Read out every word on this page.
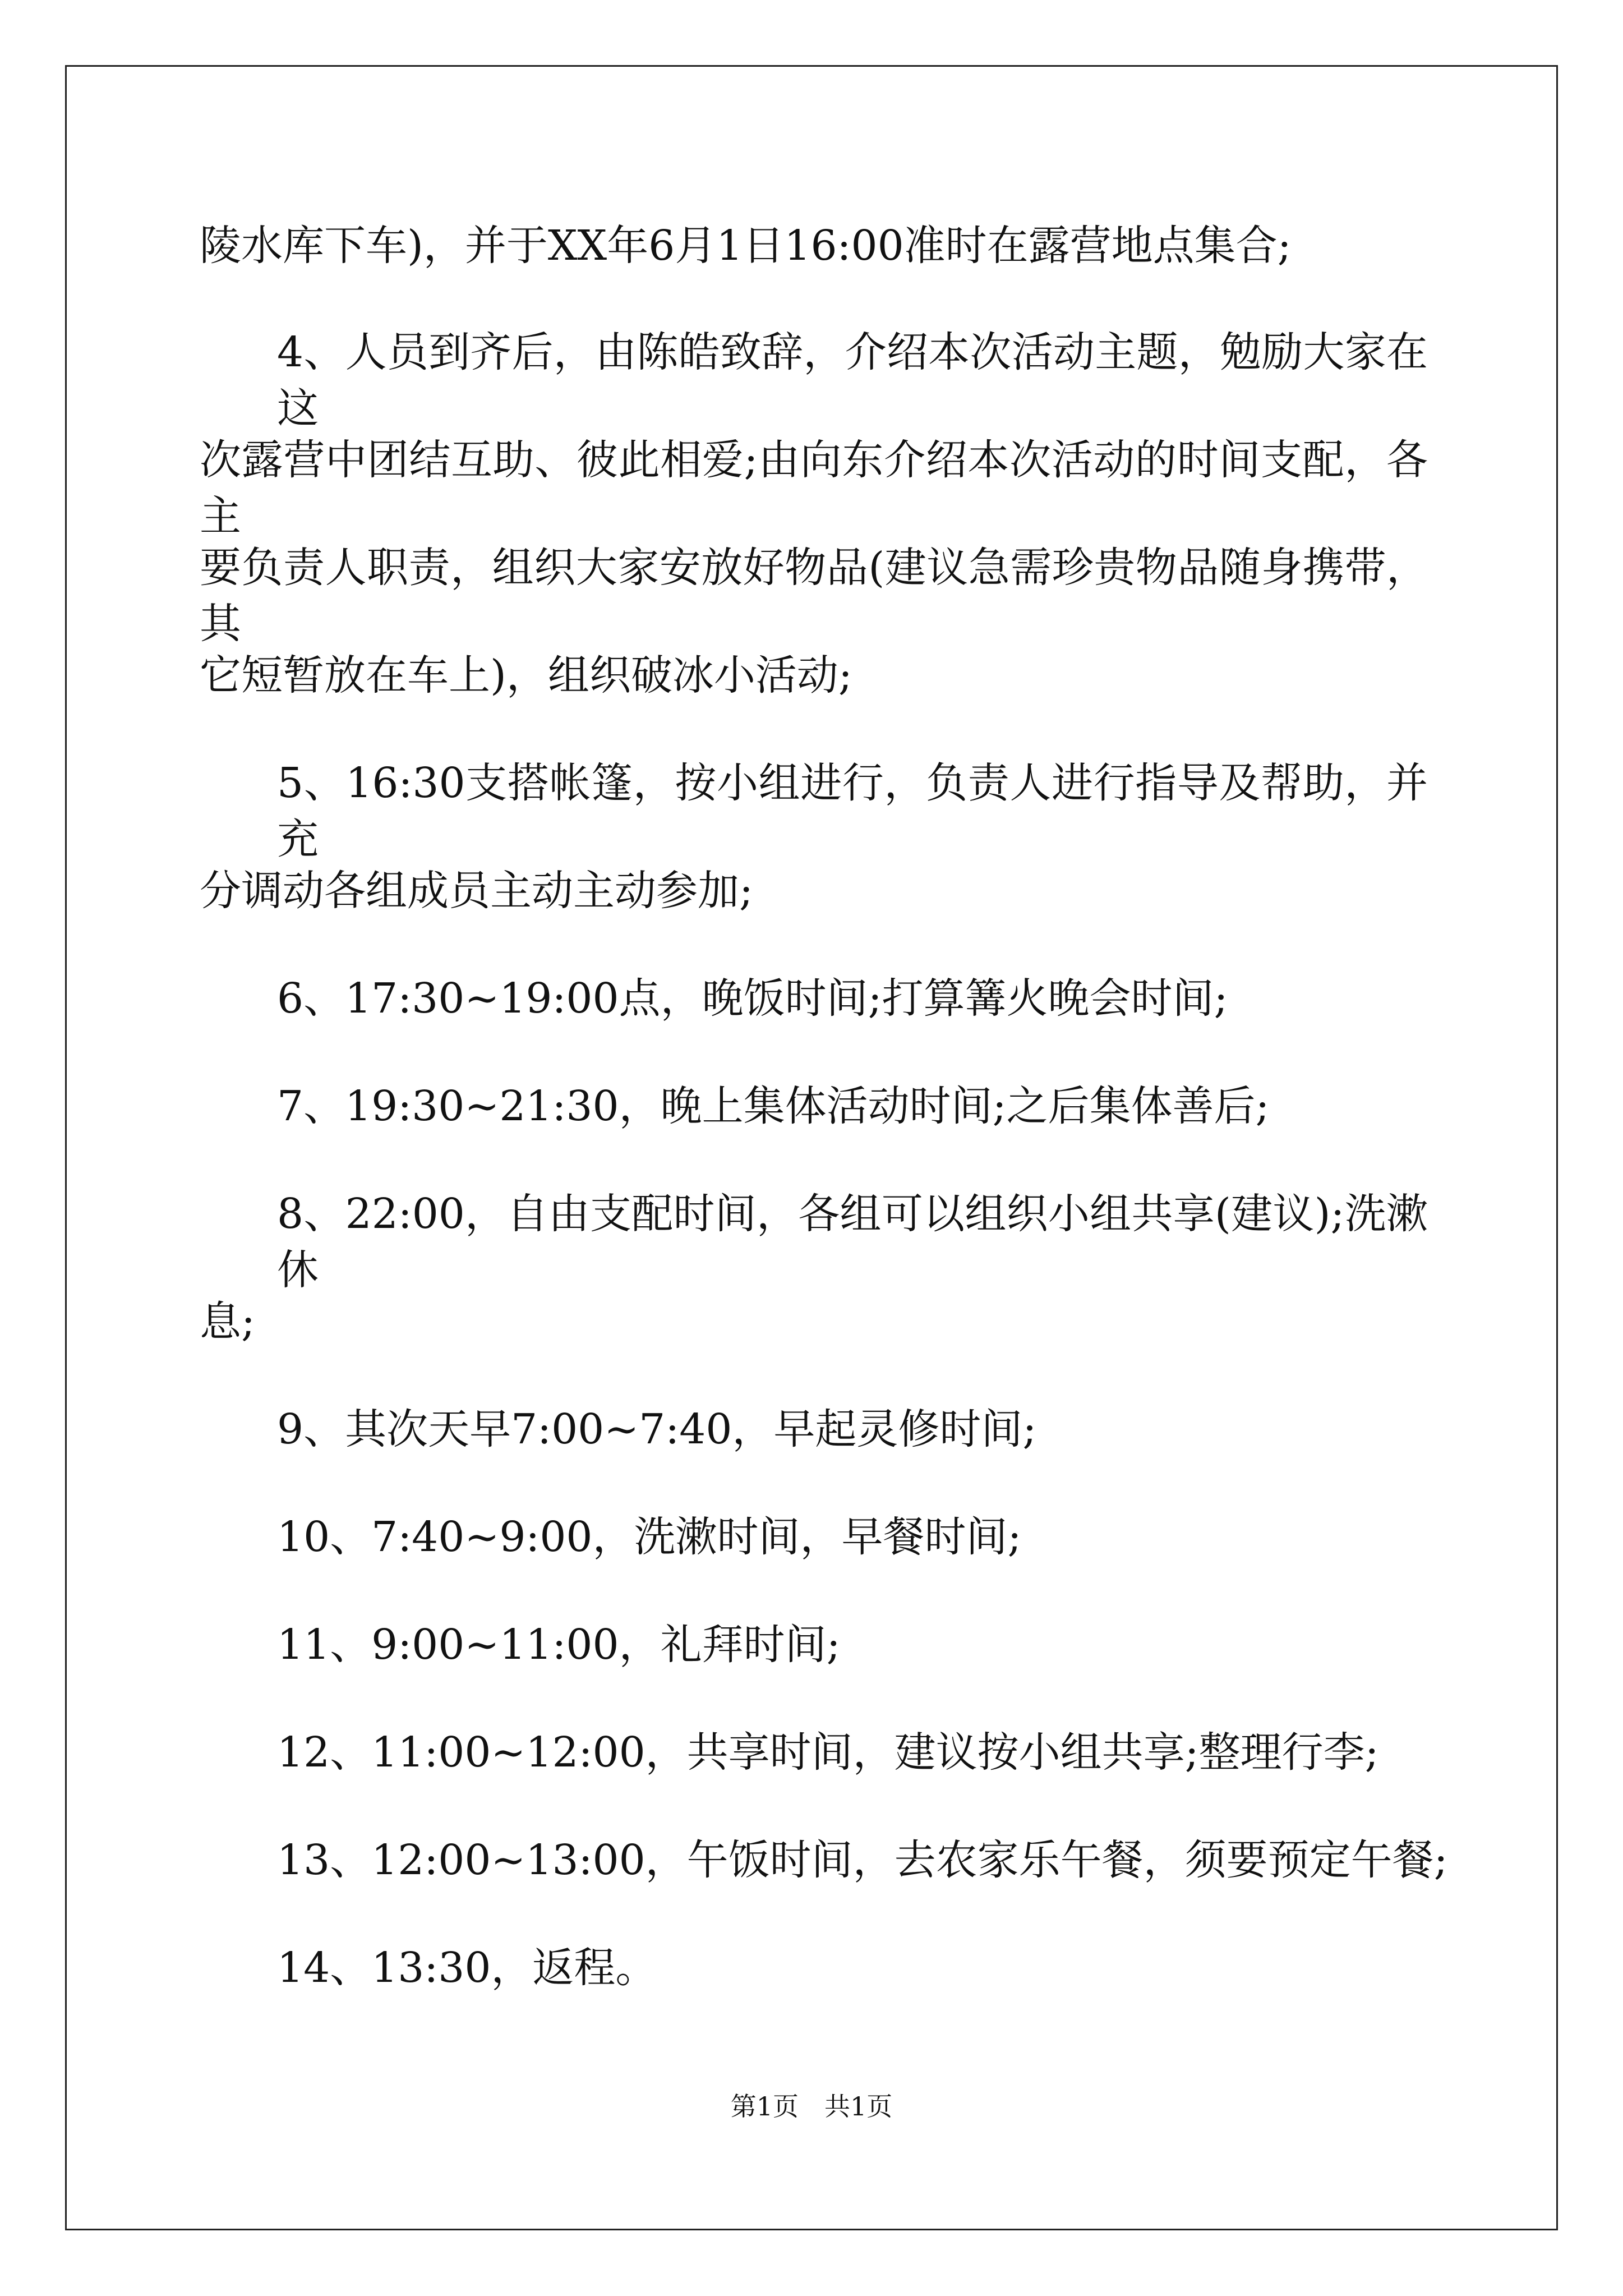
陵水库下车)，并于XX年6月1日16:00准时在露营地点集合;
4、人员到齐后，由陈皓致辞，介绍本次活动主题，勉励大家在这
次露营中团结互助、彼此相爱;由向东介绍本次活动的时间支配，各主
要负责人职责，组织大家安放好物品(建议急需珍贵物品随身携带，其
它短暂放在车上)，组织破冰小活动;
5、16:30支搭帐篷，按小组进行，负责人进行指导及帮助，并充
分调动各组成员主动主动参加;
6、17:30~19:00点，晚饭时间;打算篝火晚会时间;
7、19:30~21:30，晚上集体活动时间;之后集体善后;
8、22:00，自由支配时间，各组可以组织小组共享(建议);洗漱休
息;
9、其次天早7:00~7:40，早起灵修时间;
10、7:40~9:00，洗漱时间，早餐时间;
11、9:00~11:00，礼拜时间;
12、11:00~12:00，共享时间，建议按小组共享;整理行李;
13、12:00~13:00，午饭时间，去农家乐午餐，须要预定午餐;
14、13:30，返程。
第1页　共1页
